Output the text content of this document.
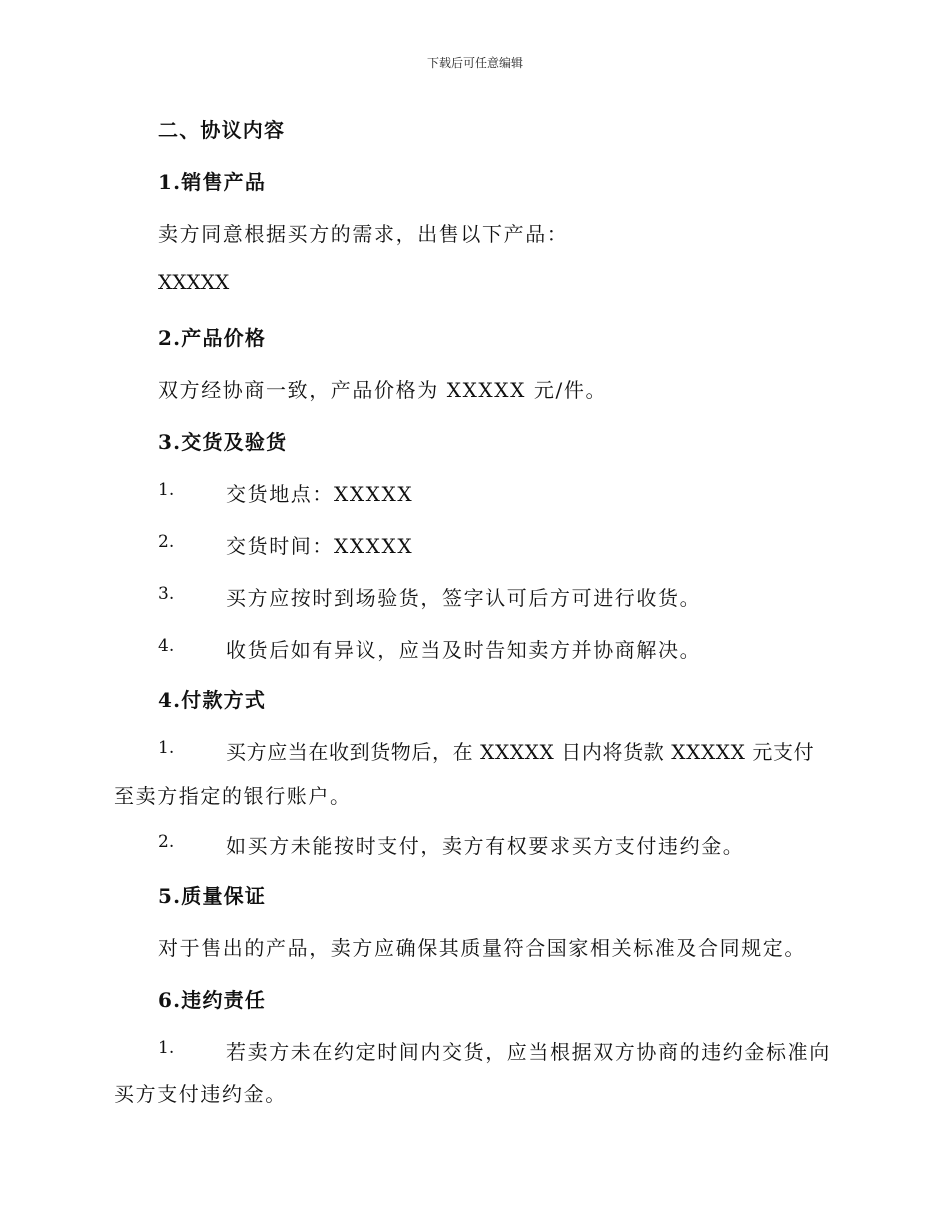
下载后可任意编辑
二、协议内容
1.销售产品
卖方同意根据买方的需求，出售以下产品：
XXXXX
2.产品价格
双方经协商一致，产品价格为 XXXXX 元/件。
3.交货及验货
1.	交货地点：XXXXX
2.	交货时间：XXXXX
3.	买方应按时到场验货，签字认可后方可进行收货。
4.	收货后如有异议，应当及时告知卖方并协商解决。
4.付款方式
1.	买方应当在收到货物后，在 XXXXX 日内将货款 XXXXX 元支付
至卖方指定的银行账户。
2.	如买方未能按时支付，卖方有权要求买方支付违约金。
5.质量保证
对于售出的产品，卖方应确保其质量符合国家相关标准及合同规定。
6.违约责任
1.	若卖方未在约定时间内交货，应当根据双方协商的违约金标准向
买方支付违约金。
